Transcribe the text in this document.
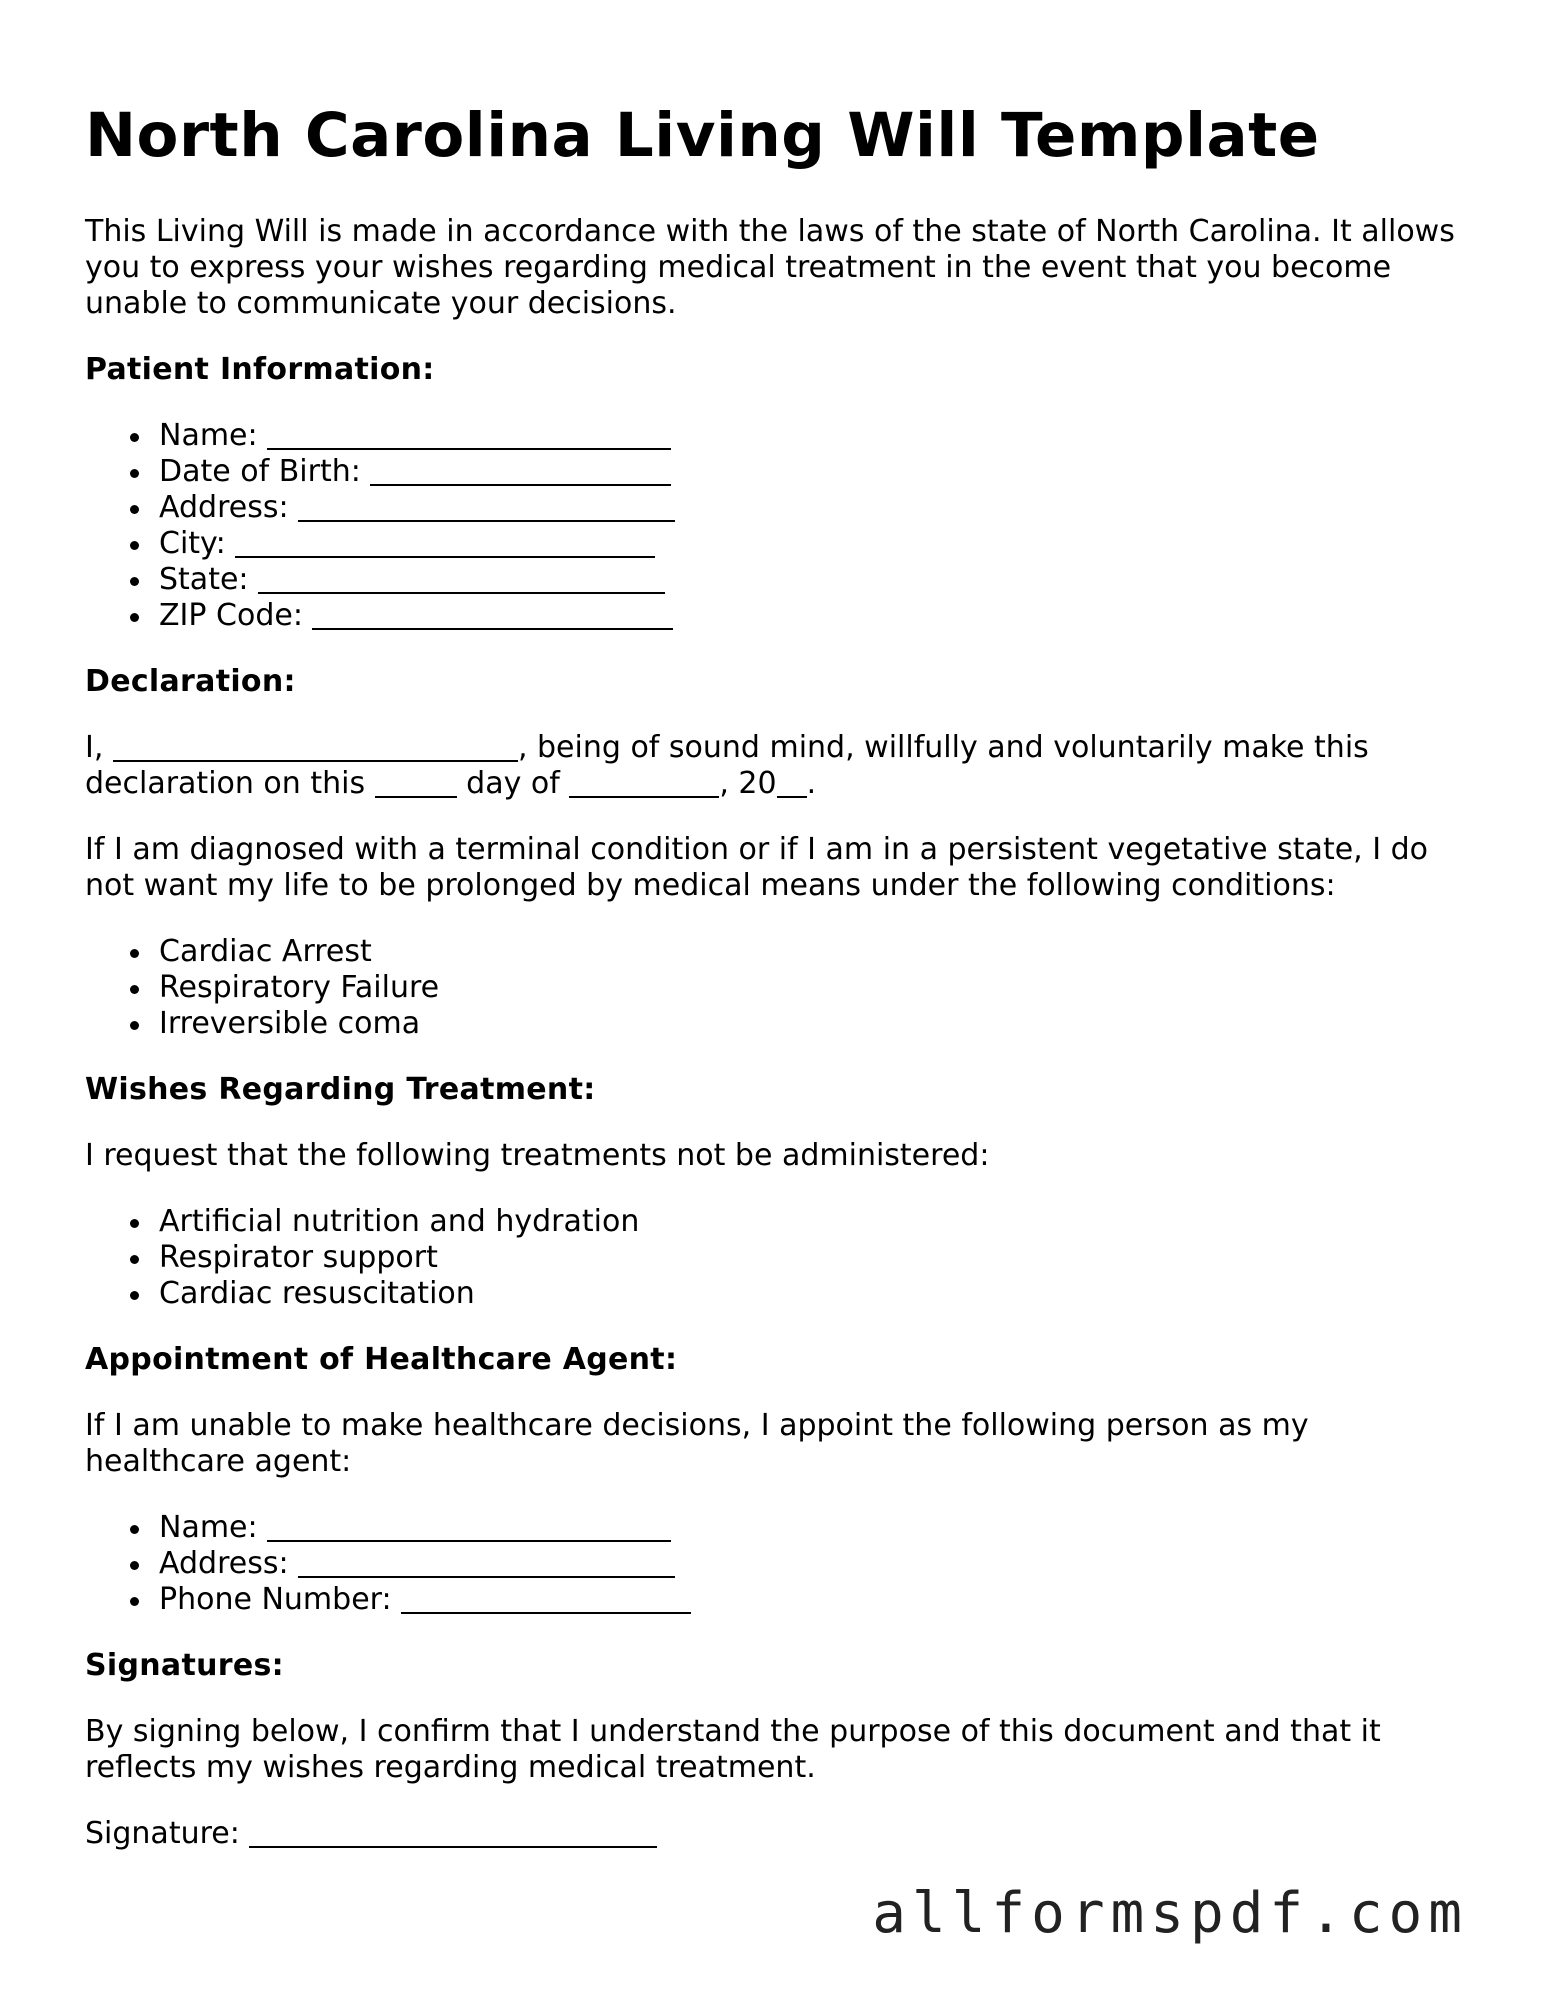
North Carolina Living Will Template

This Living Will is made in accordance with the laws of the state of North Carolina. It allows you to express your wishes regarding medical treatment in the event that you become unable to communicate your decisions.

Patient Information:
Name:
Date of Birth:
Address:
City:
State:
ZIP Code:
Declaration:

I,	, being of sound mind, willfully and voluntarily make this declaration on this	day of	, 20 .

If I am diagnosed with a terminal condition or if I am in a persistent vegetative state, I do not want my life to be prolonged by medical means under the following conditions:

Cardiac Arrest
Respiratory Failure
Irreversible coma
Wishes Regarding Treatment:

I request that the following treatments not be administered:

Artificial nutrition and hydration
Respirator support
Cardiac resuscitation
Appointment of Healthcare Agent:

If I am unable to make healthcare decisions, I appoint the following person as my healthcare agent:

Name:
Address:
Phone Number:
Signatures:

By signing below, I confirm that I understand the purpose of this document and that it reflects my wishes regarding medical treatment.

Signature:

allformspdf.com
